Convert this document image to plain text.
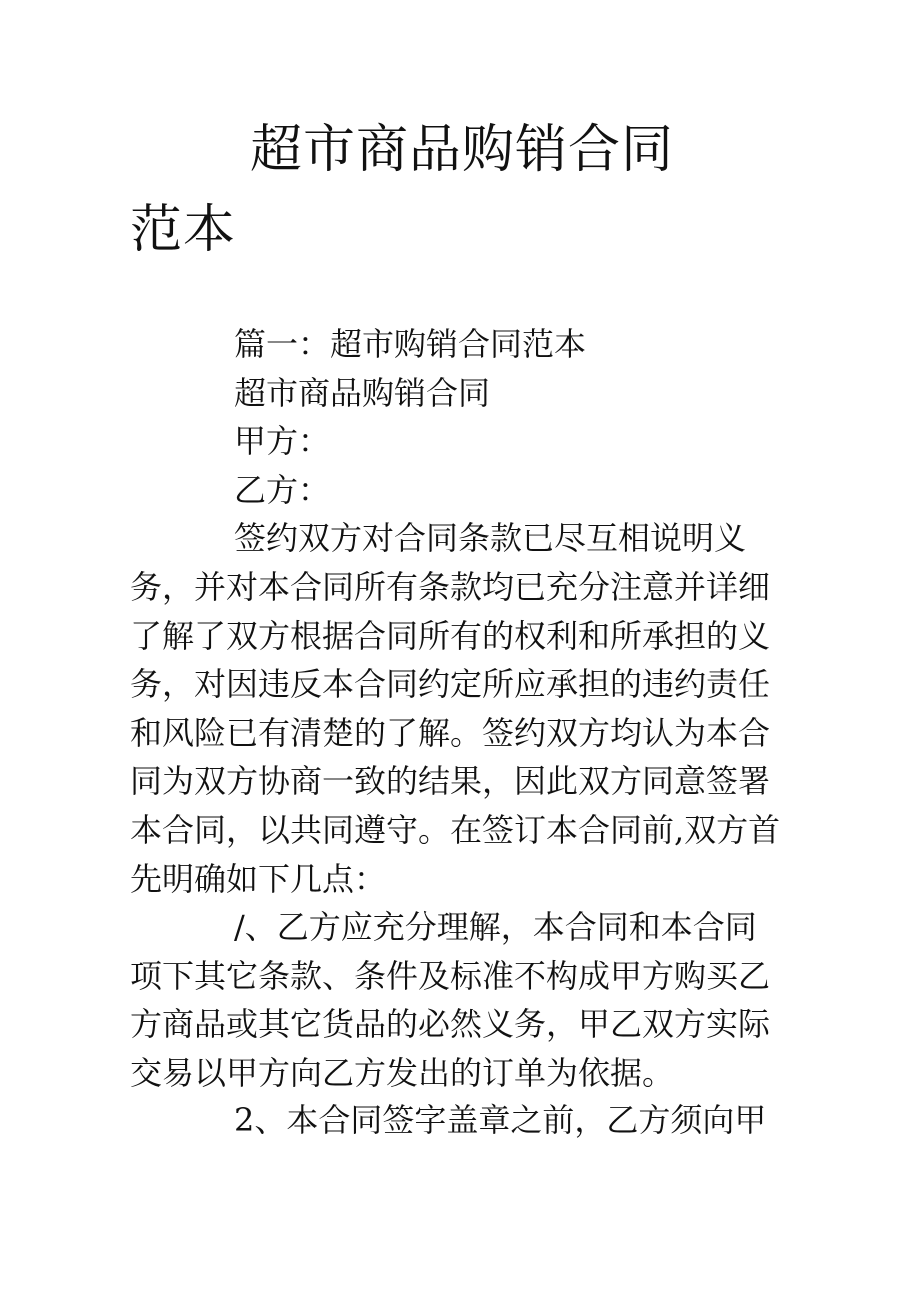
超市商品购销合同
范本
篇一：超市购销合同范本
超市商品购销合同
甲方：
乙方：
签约双方对合同条款已尽互相说明义
务，并对本合同所有条款均已充分注意并详细
了解了双方根据合同所有的权利和所承担的义
务，对因违反本合同约定所应承担的违约责任
和风险已有清楚的了解。签约双方均认为本合
同为双方协商一致的结果，因此双方同意签署
本合同，以共同遵守。在签订本合同前,双方首
先明确如下几点：
/、乙方应充分理解，本合同和本合同
项下其它条款、条件及标准不构成甲方购买乙
方商品或其它货品的必然义务，甲乙双方实际
交易以甲方向乙方发出的订单为依据。
2、本合同签字盖章之前，乙方须向甲
